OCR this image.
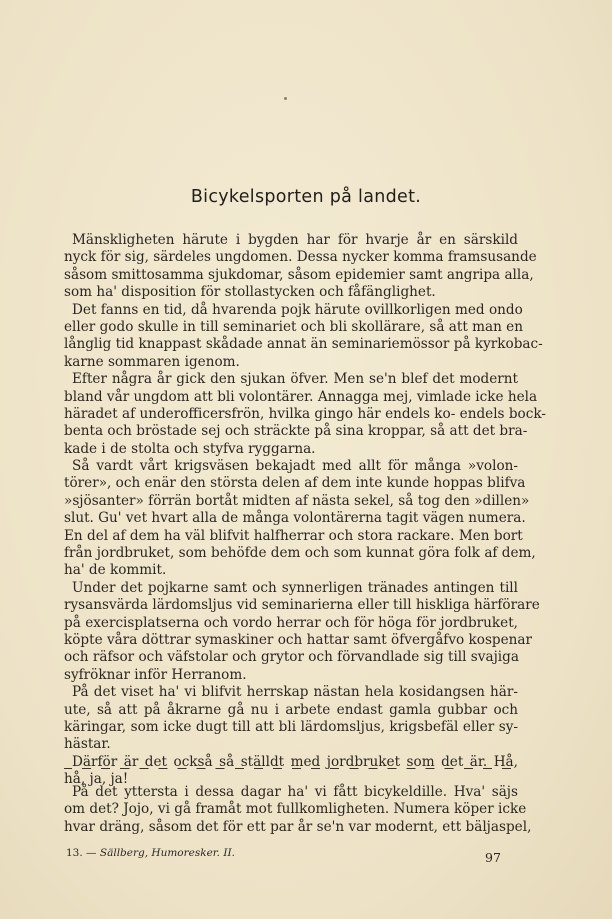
Bicykelsporten på landet.
Mänskligheten härute i bygden har för hvarje år en särskild
nyck för sig, särdeles ungdomen. Dessa nycker komma framsusande
såsom smittosamma sjukdomar, såsom epidemier samt angripa alla,
som ha' disposition för stollastycken och fåfänglighet.
Det fanns en tid, då hvarenda pojk härute ovillkorligen med ondo
eller godo skulle in till seminariet och bli skollärare, så att man en
långlig tid knappast skådade annat än seminariemössor på kyrkobac-
karne sommaren igenom.
Efter några år gick den sjukan öfver. Men se'n blef det modernt
bland vår ungdom att bli volontärer. Annagga mej, vimlade icke hela
häradet af underofficersfrön, hvilka gingo här endels ko- endels bock-
benta och bröstade sej och sträckte på sina kroppar, så att det bra-
kade i de stolta och styfva ryggarna.
Så vardt vårt krigsväsen bekajadt med allt för många »volon-
törer», och enär den största delen af dem inte kunde hoppas blifva
»sjösanter» förrän bortåt midten af nästa sekel, så tog den »dillen»
slut. Gu' vet hvart alla de många volontärerna tagit vägen numera.
En del af dem ha väl blifvit halfherrar och stora rackare. Men bort
från jordbruket, som behöfde dem och som kunnat göra folk af dem,
ha' de kommit.
Under det pojkarne samt och synnerligen tränades antingen till
rysansvärda lärdomsljus vid seminarierna eller till hiskliga härförare
på exercisplatserna och vordo herrar och för höga för jordbruket,
köpte våra döttrar symaskiner och hattar samt öfvergåfvo kospenar
och räfsor och väfstolar och grytor och förvandlade sig till svajiga
syfröknar inför Herranom.
På det viset ha' vi blifvit herrskap nästan hela kosidangsen här-
ute, så att på åkrarne gå nu i arbete endast gamla gubbar och
käringar, som icke dugt till att bli lärdomsljus, krigsbefäl eller sy-
hästar.
Därför är det också så ställdt med jordbruket som det är. Hå,
hå, ja, ja!
På det yttersta i dessa dagar ha' vi fått bicykeldille. Hva' säjs
om det? Jojo, vi gå framåt mot fullkomligheten. Numera köper icke
hvar dräng, såsom det för ett par år se'n var modernt, ett bäljaspel,
13. — Sällberg, Humoresker. II.	97
